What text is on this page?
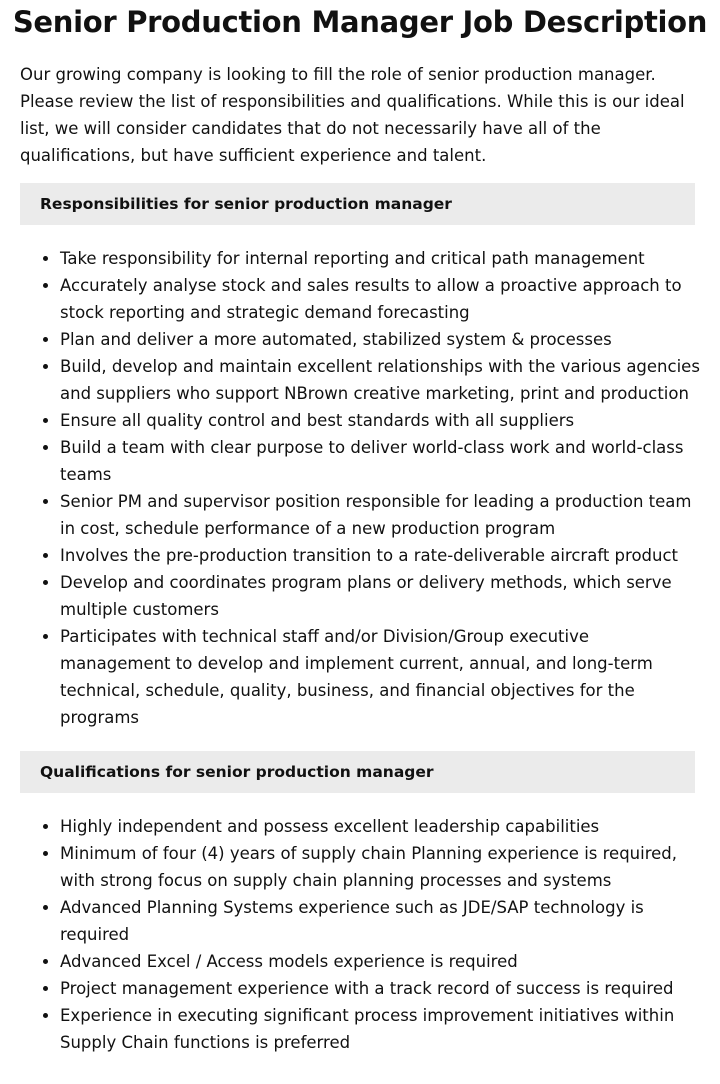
Senior Production Manager Job Description

Our growing company is looking to fill the role of senior production manager. Please review the list of responsibilities and qualifications. While this is our ideal list, we will consider candidates that do not necessarily have all of the qualifications, but have sufficient experience and talent.

Responsibilities for senior production manager
• Take responsibility for internal reporting and critical path management
• Accurately analyse stock and sales results to allow a proactive approach to stock reporting and strategic demand forecasting
• Plan and deliver a more automated, stabilized system & processes
• Build, develop and maintain excellent relationships with the various agencies and suppliers who support NBrown creative marketing, print and production
• Ensure all quality control and best standards with all suppliers
• Build a team with clear purpose to deliver world-class work and world-class teams
• Senior PM and supervisor position responsible for leading a production team in cost, schedule performance of a new production program
• Involves the pre-production transition to a rate-deliverable aircraft product
• Develop and coordinates program plans or delivery methods, which serve multiple customers
• Participates with technical staff and/or Division/Group executive management to develop and implement current, annual, and long-term technical, schedule, quality, business, and financial objectives for the programs
Qualifications for senior production manager
• Highly independent and possess excellent leadership capabilities
• Minimum of four (4) years of supply chain Planning experience is required, with strong focus on supply chain planning processes and systems
• Advanced Planning Systems experience such as JDE/SAP technology is required
• Advanced Excel / Access models experience is required
• Project management experience with a track record of success is required
• Experience in executing significant process improvement initiatives within Supply Chain functions is preferred
